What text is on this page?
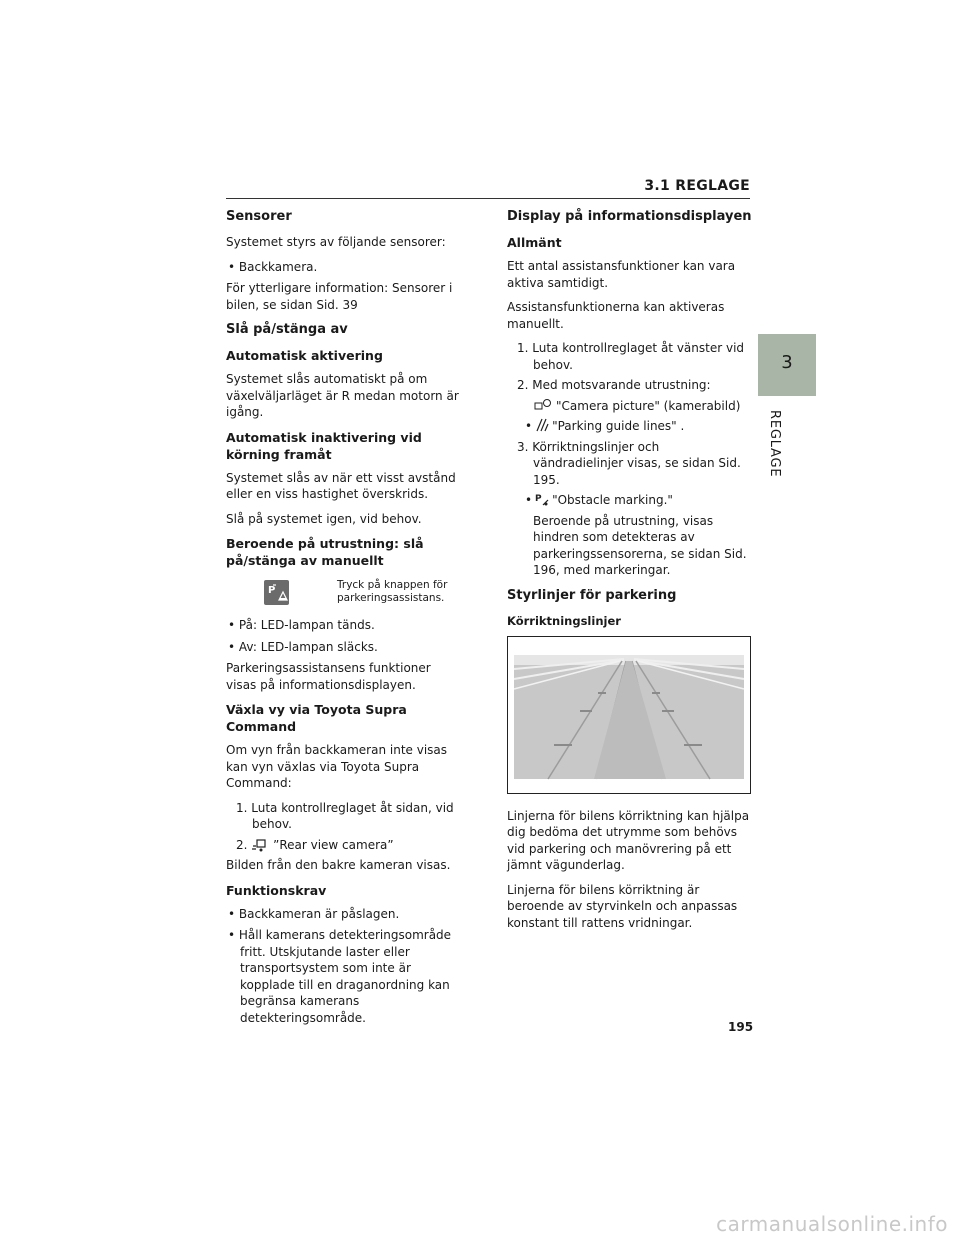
3.1 REGLAGE
3
REGLAGE
Sensorer

Systemet styrs av följande sensorer:

• Backkamera.

För ytterligare information: Sensorer i bilen, se sidan Sid. 39

Slå på/stänga av
Automatisk aktivering

Systemet slås automatiskt på om växelväljarläget är R medan motorn är igång.

Automatisk inaktivering vid körning framåt

Systemet slås av när ett visst avstånd eller en viss hastighet överskrids.

Slå på systemet igen, vid behov.

Beroende på utrustning: slå på/stänga av manuellt
P	Tryck på knappen för parkeringsassistans.

• På: LED-lampan tänds.

• Av: LED-lampan släcks.

Parkeringsassistansens funktioner visas på informationsdisplayen.

Växla vy via Toyota Supra Command

Om vyn från backkameran inte visas kan vyn växlas via Toyota Supra Command:

1. Luta kontrollreglaget åt sidan, vid behov.

2. ”Rear view camera”

Bilden från den bakre kameran visas.

Funktionskrav

• Backkameran är påslagen.

• Håll kamerans detekteringsområde fritt. Utskjutande laster eller transportsystem som inte är kopplade till en draganordning kan begränsa kamerans detekteringsområde.

Display på informationsdisplayen
Allmänt

Ett antal assistansfunktioner kan vara aktiva samtidigt.

Assistansfunktionerna kan aktiveras manuellt.

1. Luta kontrollreglaget åt vänster vid behov.

2. Med motsvarande utrustning:

"Camera picture" (kamerabild)
• "Parking guide lines" .

3. Körriktningslinjer och vändradielinjer visas, se sidan Sid. 195.

• P "Obstacle marking."

Beroende på utrustning, visas hindren som detekteras av parkeringssensorerna, se sidan Sid. 196, med markeringar.

Styrlinjer för parkering
Körriktningslinjer

Linjerna för bilens körriktning kan hjälpa dig bedöma det utrymme som behövs vid parkering och manövrering på ett jämnt vägunderlag.

Linjerna för bilens körriktning är beroende av styrvinkeln och anpassas konstant till rattens vridningar.

195
carmanualsonline.info
